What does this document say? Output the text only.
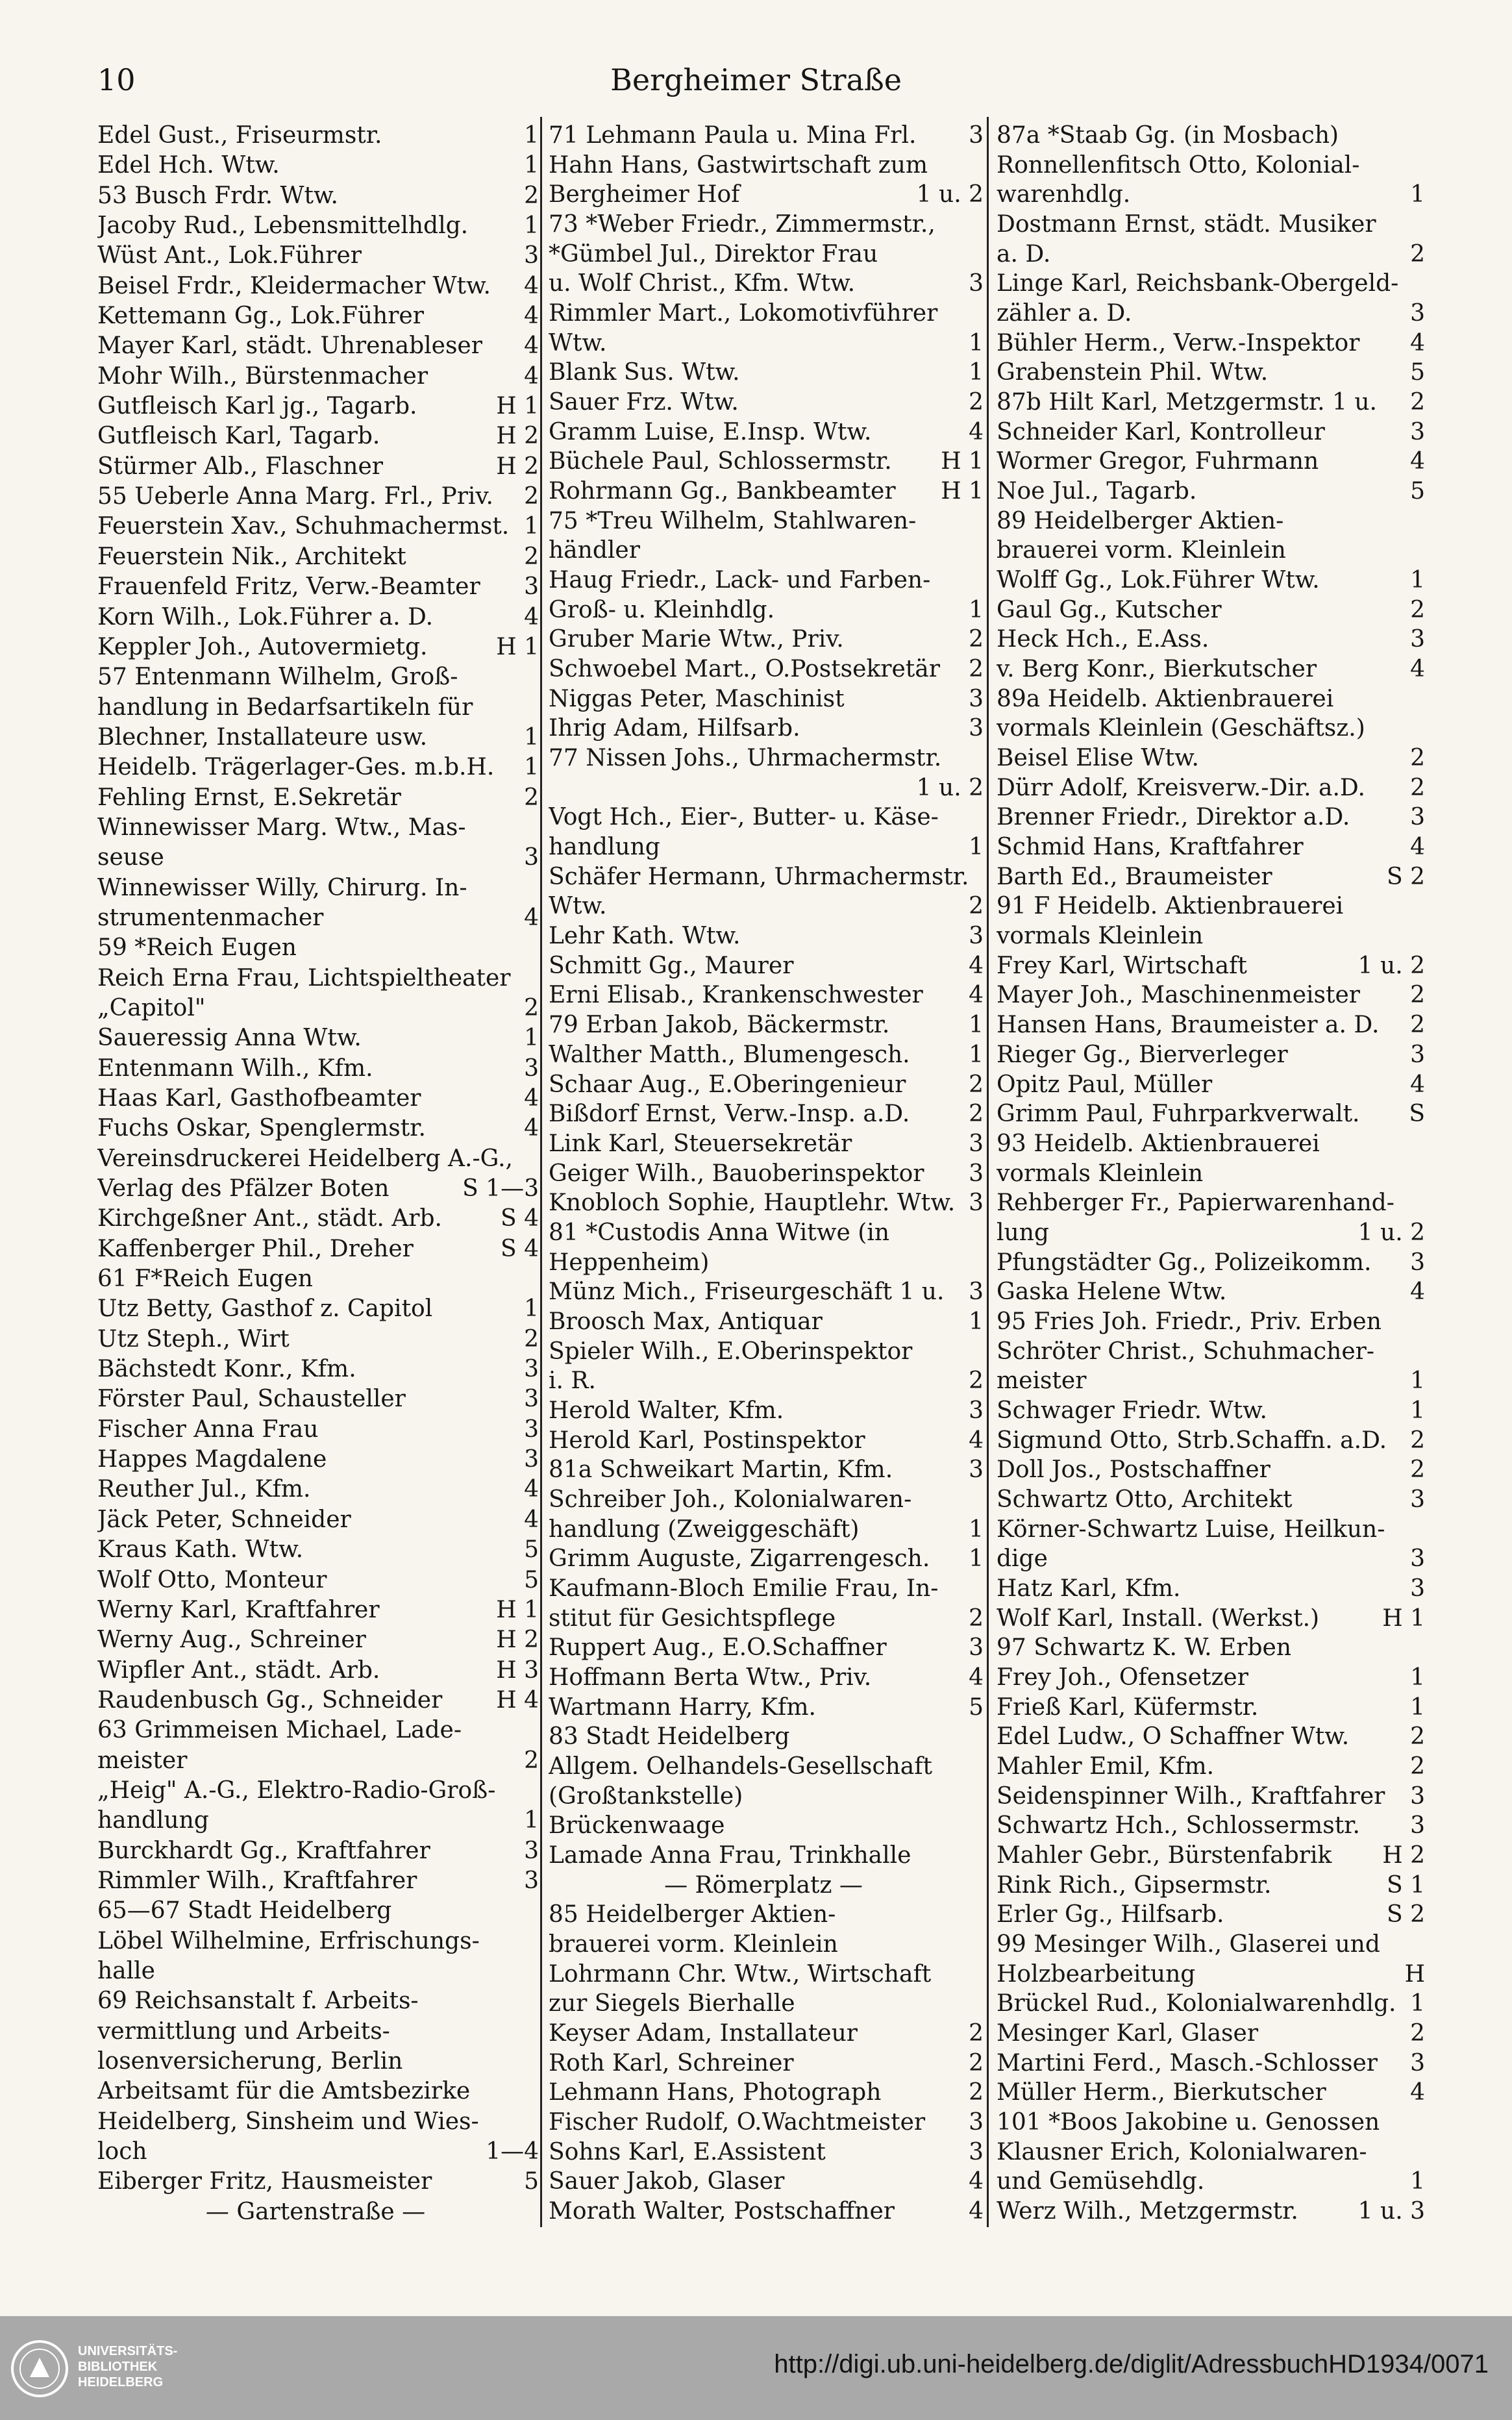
10	Bergheimer Straße
Edel Gust., Friseurmstr.	1
Edel Hch. Wtw.	1
53 Busch Frdr. Wtw.	2
Jacoby Rud., Lebensmittelhdlg.	1
Wüst Ant., Lok.Führer	3
Beisel Frdr., Kleidermacher Wtw.	4
Kettemann Gg., Lok.Führer	4
Mayer Karl, städt. Uhrenableser	4
Mohr Wilh., Bürstenmacher	4
Gutfleisch Karl jg., Tagarb.	H 1
Gutfleisch Karl, Tagarb.	H 2
Stürmer Alb., Flaschner	H 2
55 Ueberle Anna Marg. Frl., Priv.	2
Feuerstein Xav., Schuhmachermst. 1
Feuerstein Nik., Architekt	2
Frauenfeld Fritz, Verw.-Beamter	3
Korn Wilh., Lok.Führer a. D.	4
Keppler Joh., Autovermietg.	H 1
57 Entenmann Wilhelm, Groß-
handlung in Bedarfsartikeln für
Blechner, Installateure usw.	1
Heidelb. Trägerlager-Ges. m.b.H.	1
Fehling Ernst, E.Sekretär	2
Winnewisser Marg. Wtw., Mas-
seuse	3
Winnewisser Willy, Chirurg. In-
strumentenmacher	4
59 *Reich Eugen
Reich Erna Frau, Lichtspieltheater
„Capitol"	2
Saueressig Anna Wtw.	1
Entenmann Wilh., Kfm.	3
Haas Karl, Gasthofbeamter	4
Fuchs Oskar, Spenglermstr.	4
Vereinsdruckerei Heidelberg A.-G.,
Verlag des Pfälzer Boten	S 1—3
Kirchgeßner Ant., städt. Arb.	S 4
Kaffenberger Phil., Dreher	S 4
61 F*Reich Eugen
Utz Betty, Gasthof z. Capitol	1
Utz Steph., Wirt	2
Bächstedt Konr., Kfm.	3
Förster Paul, Schausteller	3
Fischer Anna Frau	3
Happes Magdalene	3
Reuther Jul., Kfm.	4
Jäck Peter, Schneider	4
Kraus Kath. Wtw.	5
Wolf Otto, Monteur	5
Werny Karl, Kraftfahrer	H 1
Werny Aug., Schreiner	H 2
Wipfler Ant., städt. Arb.	H 3
Raudenbusch Gg., Schneider	H 4
63 Grimmeisen Michael, Lade-
meister	2
„Heig" A.-G., Elektro-Radio-Groß-
handlung	1
Burckhardt Gg., Kraftfahrer	3
Rimmler Wilh., Kraftfahrer	3
65—67 Stadt Heidelberg
Löbel Wilhelmine, Erfrischungs-
halle
69 Reichsanstalt f. Arbeits-
vermittlung und Arbeits-
losenversicherung, Berlin
Arbeitsamt für die Amtsbezirke
Heidelberg, Sinsheim und Wies-
loch	1—4
Eiberger Fritz, Hausmeister	5
— Gartenstraße —
71 Lehmann Paula u. Mina Frl.	3
Hahn Hans, Gastwirtschaft zum
Bergheimer Hof	1 u. 2
73 *Weber Friedr., Zimmermstr.,
*Gümbel Jul., Direktor Frau
u. Wolf Christ., Kfm. Wtw.	3
Rimmler Mart., Lokomotivführer
Wtw.	1
Blank Sus. Wtw.	1
Sauer Frz. Wtw.	2
Gramm Luise, E.Insp. Wtw.	4
Büchele Paul, Schlossermstr.	H 1
Rohrmann Gg., Bankbeamter	H 1
75 *Treu Wilhelm, Stahlwaren-
händler
Haug Friedr., Lack- und Farben-
Groß- u. Kleinhdlg.	1
Gruber Marie Wtw., Priv.	2
Schwoebel Mart., O.Postsekretär	2
Niggas Peter, Maschinist	3
Ihrig Adam, Hilfsarb.	3
77 Nissen Johs., Uhrmachermstr.
1 u. 2
Vogt Hch., Eier-, Butter- u. Käse-
handlung	1
Schäfer Hermann, Uhrmachermstr.
Wtw.	2
Lehr Kath. Wtw.	3
Schmitt Gg., Maurer	4
Erni Elisab., Krankenschwester	4
79 Erban Jakob, Bäckermstr.	1
Walther Matth., Blumengesch.	1
Schaar Aug., E.Oberingenieur	2
Bißdorf Ernst, Verw.-Insp. a.D.	2
Link Karl, Steuersekretär	3
Geiger Wilh., Bauoberinspektor	3
Knobloch Sophie, Hauptlehr. Wtw. 3
81 *Custodis Anna Witwe (in
Heppenheim)
Münz Mich., Friseurgeschäft 1 u.	3
Broosch Max, Antiquar	1
Spieler Wilh., E.Oberinspektor
i. R.	2
Herold Walter, Kfm.	3
Herold Karl, Postinspektor	4
81a Schweikart Martin, Kfm.	3
Schreiber Joh., Kolonialwaren-
handlung (Zweiggeschäft)	1
Grimm Auguste, Zigarrengesch.	1
Kaufmann-Bloch Emilie Frau, In-
stitut für Gesichtspflege	2
Ruppert Aug., E.O.Schaffner	3
Hoffmann Berta Wtw., Priv.	4
Wartmann Harry, Kfm.	5
83 Stadt Heidelberg
Allgem. Oelhandels-Gesellschaft
(Großtankstelle)
Brückenwaage
Lamade Anna Frau, Trinkhalle
— Römerplatz —
85 Heidelberger Aktien-
brauerei vorm. Kleinlein
Lohrmann Chr. Wtw., Wirtschaft
zur Siegels Bierhalle
Keyser Adam, Installateur	2
Roth Karl, Schreiner	2
Lehmann Hans, Photograph	2
Fischer Rudolf, O.Wachtmeister	3
Sohns Karl, E.Assistent	3
Sauer Jakob, Glaser	4
Morath Walter, Postschaffner	4
87a *Staab Gg. (in Mosbach)
Ronnellenfitsch Otto, Kolonial-
warenhdlg.	1
Dostmann Ernst, städt. Musiker
a. D.	2
Linge Karl, Reichsbank-Obergeld-
zähler a. D.	3
Bühler Herm., Verw.-Inspektor	4
Grabenstein Phil. Wtw.	5
87b Hilt Karl, Metzgermstr. 1 u.	2
Schneider Karl, Kontrolleur	3
Wormer Gregor, Fuhrmann	4
Noe Jul., Tagarb.	5
89 Heidelberger Aktien-
brauerei vorm. Kleinlein
Wolff Gg., Lok.Führer Wtw.	1
Gaul Gg., Kutscher	2
Heck Hch., E.Ass.	3
v. Berg Konr., Bierkutscher	4
89a Heidelb. Aktienbrauerei
vormals Kleinlein (Geschäftsz.)
Beisel Elise Wtw.	2
Dürr Adolf, Kreisverw.-Dir. a.D.	2
Brenner Friedr., Direktor a.D.	3
Schmid Hans, Kraftfahrer	4
Barth Ed., Braumeister	S 2
91 F Heidelb. Aktienbrauerei
vormals Kleinlein
Frey Karl, Wirtschaft	1 u. 2
Mayer Joh., Maschinenmeister	2
Hansen Hans, Braumeister a. D.	2
Rieger Gg., Bierverleger	3
Opitz Paul, Müller	4
Grimm Paul, Fuhrparkverwalt.	S
93 Heidelb. Aktienbrauerei
vormals Kleinlein
Rehberger Fr., Papierwarenhand-
lung	1 u. 2
Pfungstädter Gg., Polizeikomm.	3
Gaska Helene Wtw.	4
95 Fries Joh. Friedr., Priv. Erben
Schröter Christ., Schuhmacher-
meister	1
Schwager Friedr. Wtw.	1
Sigmund Otto, Strb.Schaffn. a.D. 2
Doll Jos., Postschaffner	2
Schwartz Otto, Architekt	3
Körner-Schwartz Luise, Heilkun-
dige	3
Hatz Karl, Kfm.	3
Wolf Karl, Install. (Werkst.)	H 1
97 Schwartz K. W. Erben
Frey Joh., Ofensetzer	1
Frieß Karl, Küfermstr.	1
Edel Ludw., O Schaffner Wtw.	2
Mahler Emil, Kfm.	2
Seidenspinner Wilh., Kraftfahrer	3
Schwartz Hch., Schlossermstr.	3
Mahler Gebr., Bürstenfabrik	H 2
Rink Rich., Gipsermstr.	S 1
Erler Gg., Hilfsarb.	S 2
99 Mesinger Wilh., Glaserei und
Holzbearbeitung	H
Brückel Rud., Kolonialwarenhdlg. 1
Mesinger Karl, Glaser	2
Martini Ferd., Masch.-Schlosser	3
Müller Herm., Bierkutscher	4
101 *Boos Jakobine u. Genossen
Klausner Erich, Kolonialwaren-
und Gemüsehdlg.	1
Werz Wilh., Metzgermstr.	1 u. 3
UNIVERSITÄTS-
BIBLIOTHEK
HEIDELBERG
http://digi.ub.uni-heidelberg.de/diglit/AdressbuchHD1934/0071
